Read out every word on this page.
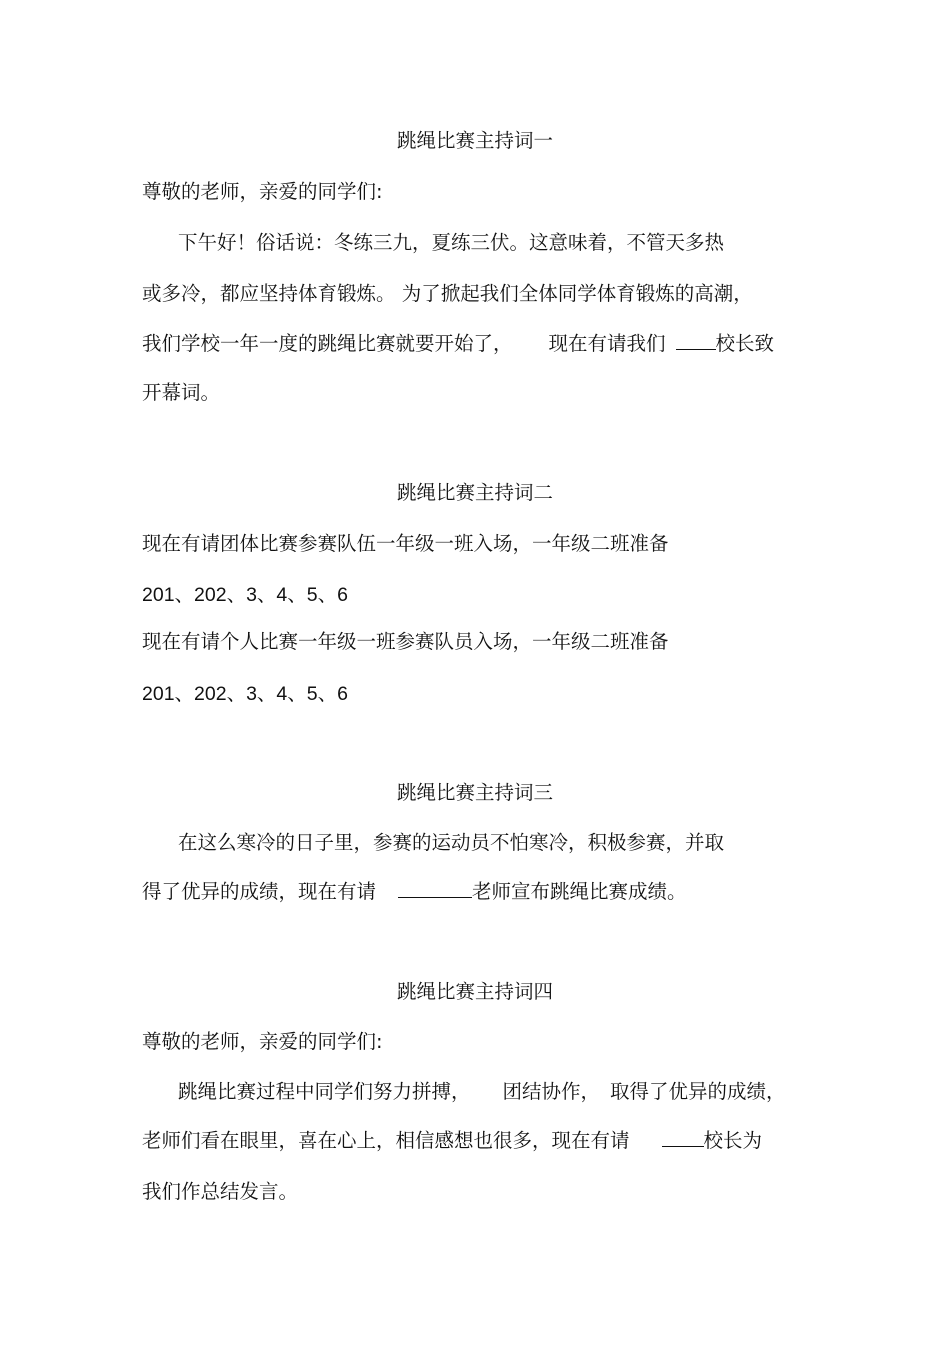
跳绳比赛主持词一
尊敬的老师，亲爱的同学们:
下午好！俗话说：冬练三九，夏练三伏。这意味着，不管天多热
或多冷，都应坚持体育锻炼。 为了掀起我们全体同学体育锻炼的高潮，
我们学校一年一度的跳绳比赛就要开始了， 现在有请我们	校长致
开幕词。
跳绳比赛主持词二
现在有请团体比赛参赛队伍一年级一班入场，一年级二班准备
201、202、3、4、5、6
现在有请个人比赛一年级一班参赛队员入场，一年级二班准备
201、202、3、4、5、6
跳绳比赛主持词三
在这么寒冷的日子里，参赛的运动员不怕寒冷，积极参赛，并取
得了优异的成绩，现在有请	老师宣布跳绳比赛成绩。
跳绳比赛主持词四
尊敬的老师，亲爱的同学们:
跳绳比赛过程中同学们努力拼搏， 团结协作， 取得了优异的成绩，
老师们看在眼里，喜在心上，相信感想也很多，现在有请	校长为
我们作总结发言。
